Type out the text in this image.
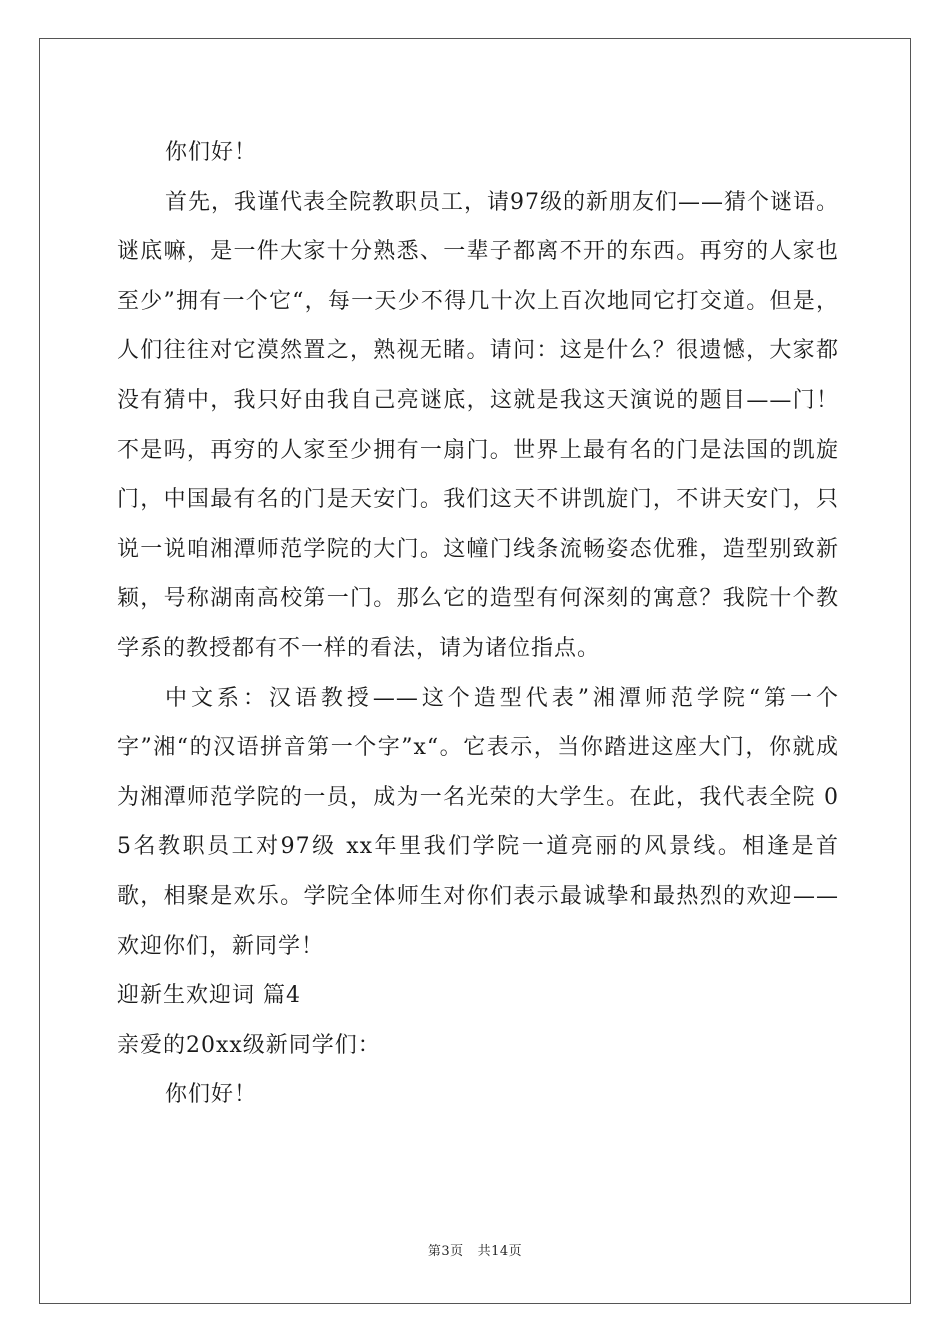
你们好！

首先，我谨代表全院教职员工，请97级的新朋友们——猜个谜语。谜底嘛，是一件大家十分熟悉、一辈子都离不开的东西。再穷的人家也至少”拥有一个它“，每一天少不得几十次上百次地同它打交道。但是，人们往往对它漠然置之，熟视无睹。请问：这是什么？很遗憾，大家都没有猜中，我只好由我自己亮谜底，这就是我这天演说的题目——门！不是吗，再穷的人家至少拥有一扇门。世界上最有名的门是法国的凯旋门，中国最有名的门是天安门。我们这天不讲凯旋门，不讲天安门，只说一说咱湘潭师范学院的大门。这幢门线条流畅姿态优雅，造型别致新颖，号称湖南高校第一门。那么它的造型有何深刻的寓意？我院十个教学系的教授都有不一样的看法，请为诸位指点。

中文系：汉语教授——这个造型代表”湘潭师范学院“第一个字”湘“的汉语拼音第一个字”x“。它表示，当你踏进这座大门，你就成为湘潭师范学院的一员，成为一名光荣的大学生。在此，我代表全院 0 5名教职员工对97级 xx年里我们学院一道亮丽的风景线。相逢是首歌，相聚是欢乐。学院全体师生对你们表示最诚挚和最热烈的欢迎——欢迎你们，新同学！

迎新生欢迎词 篇4

亲爱的20xx级新同学们：

你们好！

第3页 共14页
